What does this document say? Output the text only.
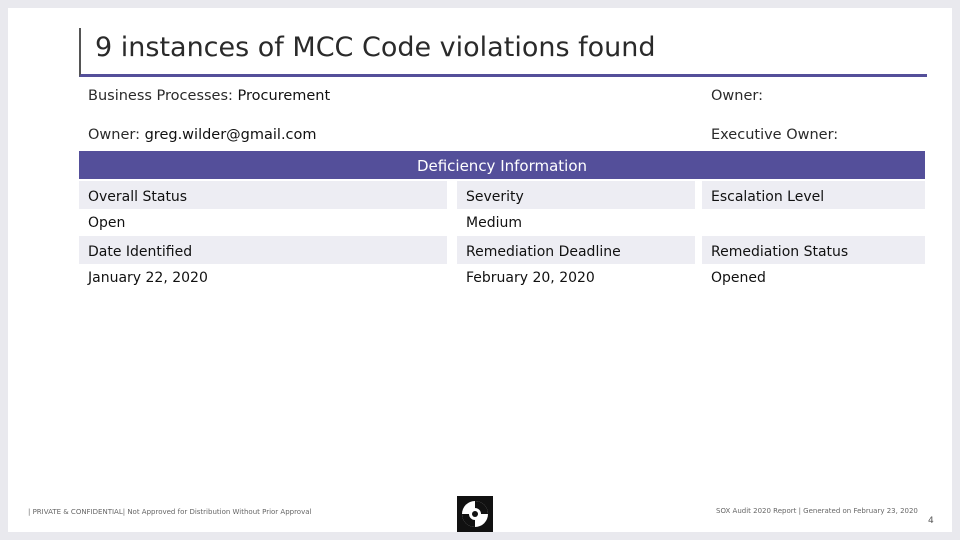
9 instances of MCC Code violations found
Business Processes: Procurement	Owner:
Owner: greg.wilder@gmail.com	Executive Owner:
Deficiency Information
Overall Status	Severity	Escalation Level
Open	Medium
Date Identified	Remediation Deadline	Remediation Status
January 22, 2020	February 20, 2020	Opened
| PRIVATE & CONFIDENTIAL| Not Approved for Distribution Without Prior Approval	SOX Audit 2020 Report | Generated on February 23, 2020
4
